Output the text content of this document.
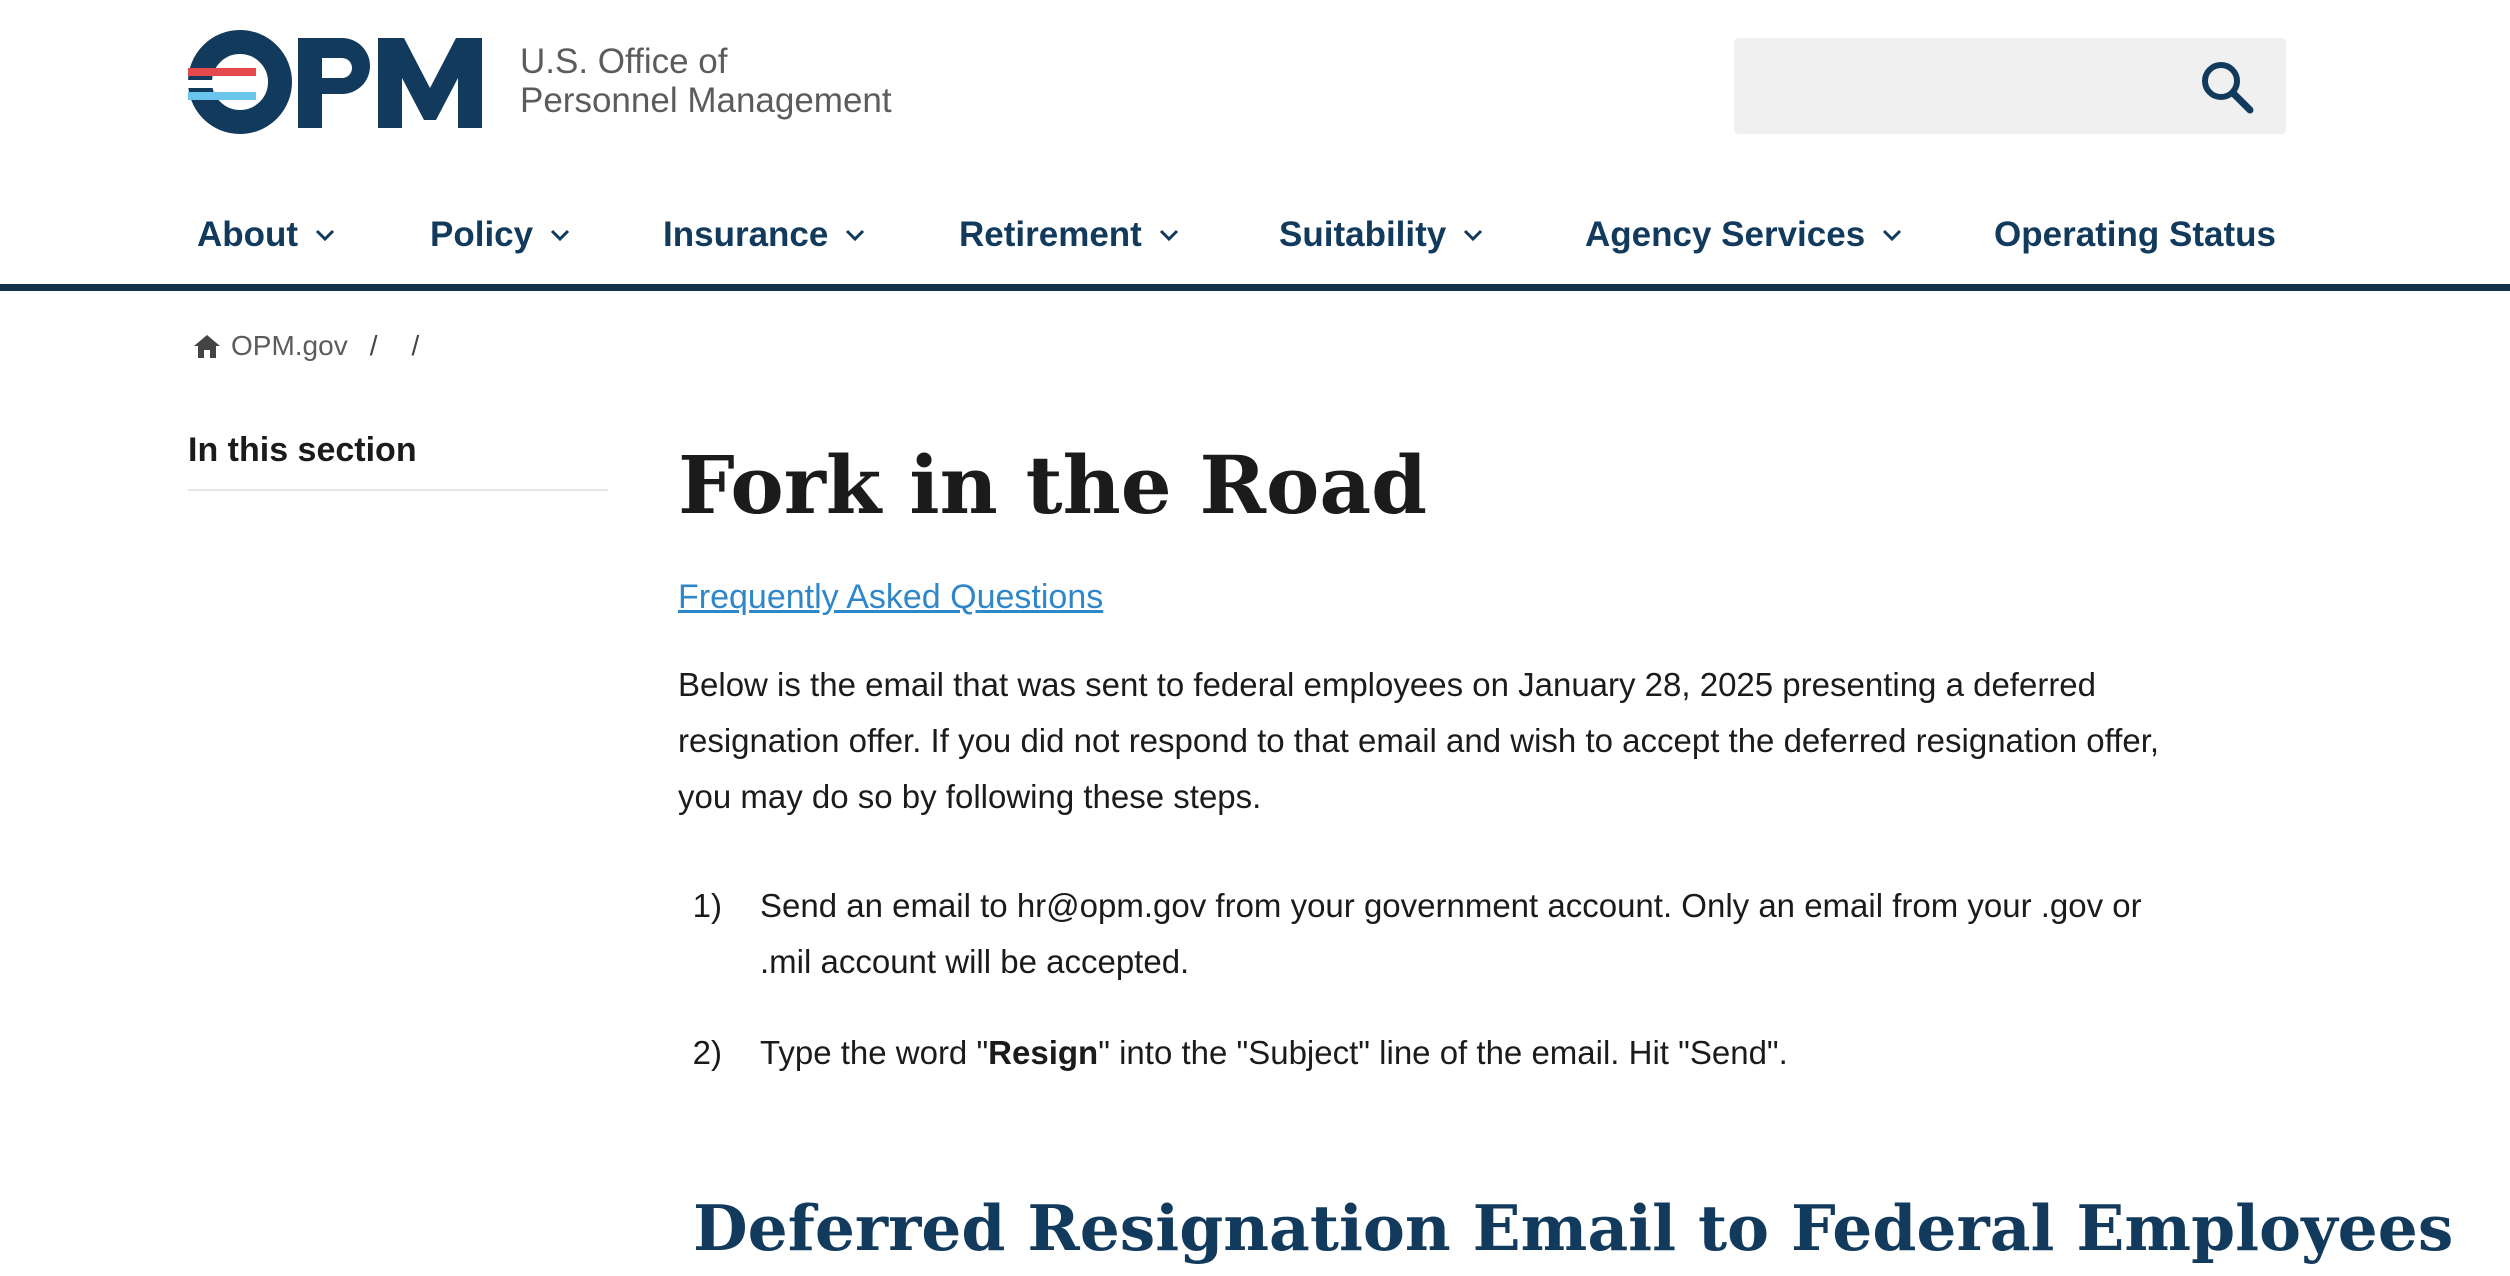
U.S. Office of
Personnel Management
About	Policy	Insurance	Retirement	Suitability	Agency Services	Operating Status
OPM.gov / /
In this section	Fork in the Road
Frequently Asked Questions

Below is the email that was sent to federal employees on January 28, 2025 presenting a deferred resignation offer. If you did not respond to that email and wish to accept the deferred resignation offer, you may do so by following these steps.

1)	Send an email to hr@opm.gov from your government account. Only an email from your .gov or .mil account will be accepted.
2)	Type the word "Resign" into the "Subject" line of the email. Hit "Send".
Deferred Resignation Email to Federal Employees
